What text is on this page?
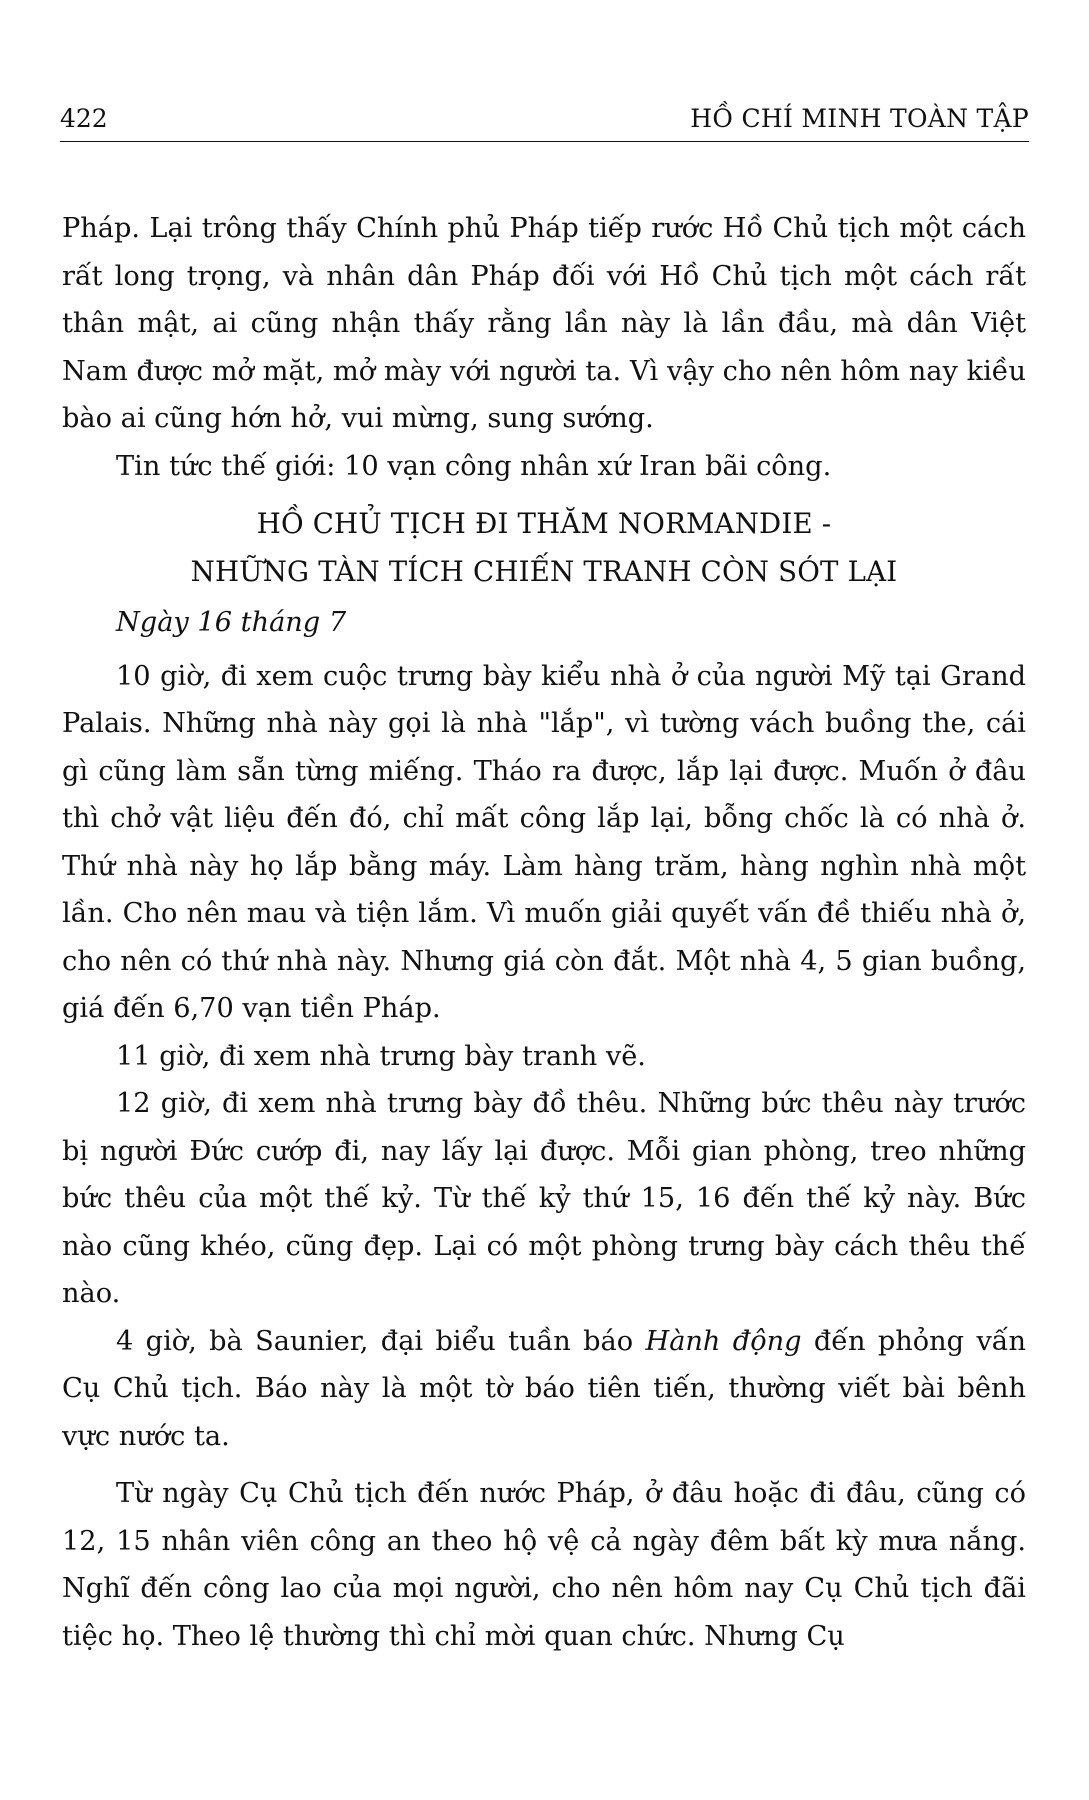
422	HỒ CHÍ MINH TOÀN TẬP

Pháp. Lại trông thấy Chính phủ Pháp tiếp rước Hồ Chủ tịch một cách rất long trọng, và nhân dân Pháp đối với Hồ Chủ tịch một cách rất thân mật, ai cũng nhận thấy rằng lần này là lần đầu, mà dân Việt Nam được mở mặt, mở mày với người ta. Vì vậy cho nên hôm nay kiều bào ai cũng hớn hở, vui mừng, sung sướng.

Tin tức thế giới: 10 vạn công nhân xứ Iran bãi công.

HỒ CHỦ TỊCH ĐI THĂM NORMANDIE -
NHỮNG TÀN TÍCH CHIẾN TRANH CÒN SÓT LẠI

Ngày 16 tháng 7

10 giờ, đi xem cuộc trưng bày kiểu nhà ở của người Mỹ tại Grand Palais. Những nhà này gọi là nhà "lắp", vì tường vách buồng the, cái gì cũng làm sẵn từng miếng. Tháo ra được, lắp lại được. Muốn ở đâu thì chở vật liệu đến đó, chỉ mất công lắp lại, bỗng chốc là có nhà ở. Thứ nhà này họ lắp bằng máy. Làm hàng trăm, hàng nghìn nhà một lần. Cho nên mau và tiện lắm. Vì muốn giải quyết vấn đề thiếu nhà ở, cho nên có thứ nhà này. Nhưng giá còn đắt. Một nhà 4, 5 gian buồng, giá đến 6,70 vạn tiền Pháp.

11 giờ, đi xem nhà trưng bày tranh vẽ.

12 giờ, đi xem nhà trưng bày đồ thêu. Những bức thêu này trước bị người Đức cướp đi, nay lấy lại được. Mỗi gian phòng, treo những bức thêu của một thế kỷ. Từ thế kỷ thứ 15, 16 đến thế kỷ này. Bức nào cũng khéo, cũng đẹp. Lại có một phòng trưng bày cách thêu thế nào.

4 giờ, bà Saunier, đại biểu tuần báo Hành động đến phỏng vấn Cụ Chủ tịch. Báo này là một tờ báo tiên tiến, thường viết bài bênh vực nước ta.

Từ ngày Cụ Chủ tịch đến nước Pháp, ở đâu hoặc đi đâu, cũng có 12, 15 nhân viên công an theo hộ vệ cả ngày đêm bất kỳ mưa nắng. Nghĩ đến công lao của mọi người, cho nên hôm nay Cụ Chủ tịch đãi tiệc họ. Theo lệ thường thì chỉ mời quan chức. Nhưng Cụ
